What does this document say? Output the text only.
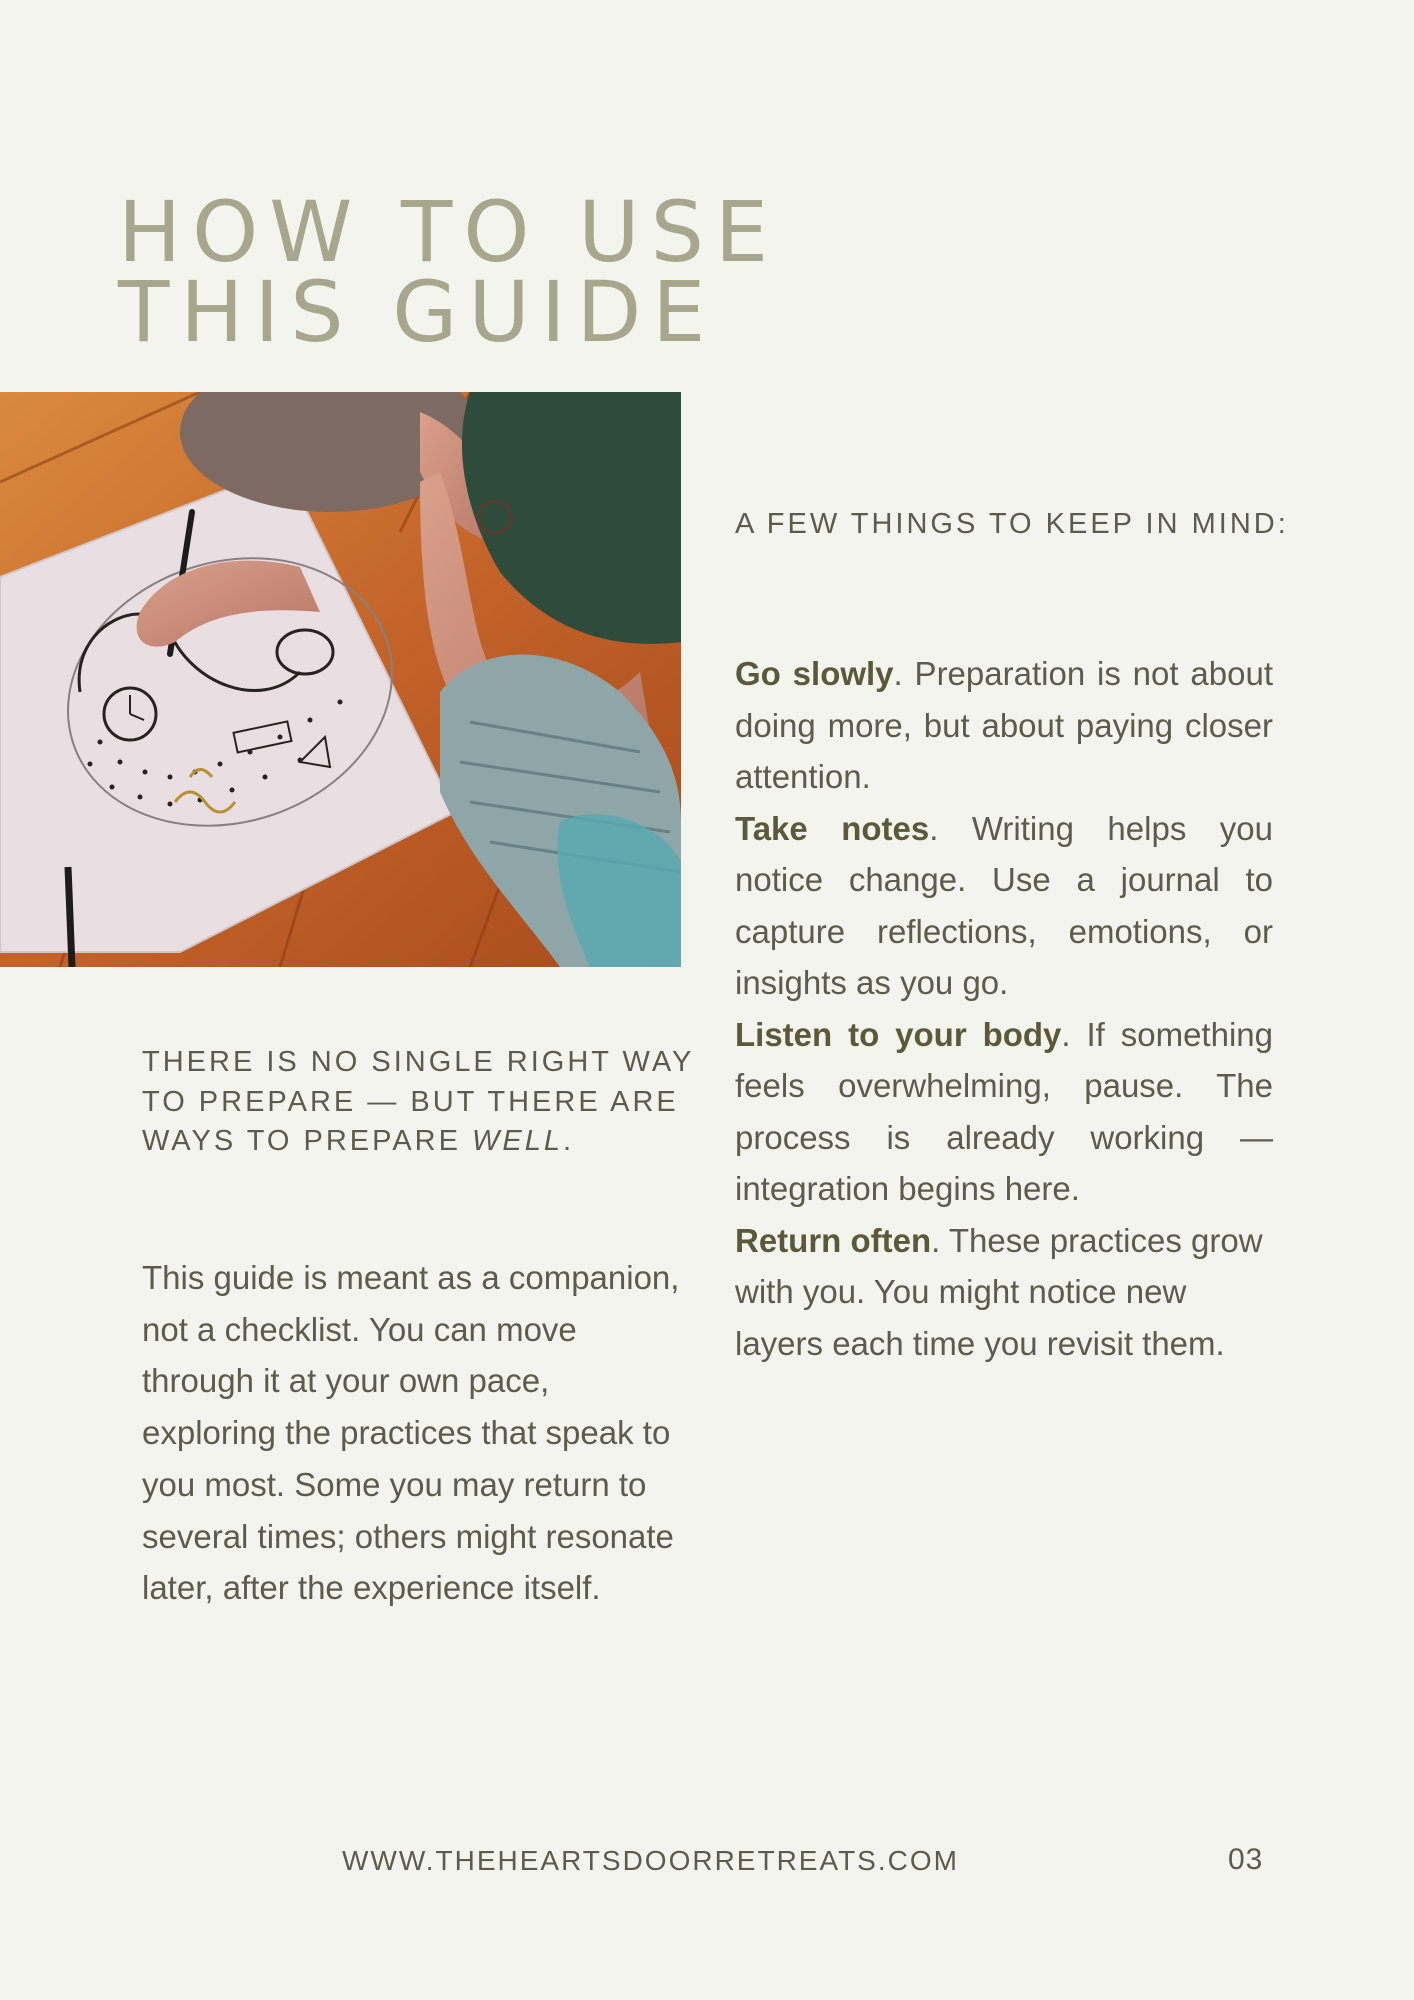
HOW TO USE
THIS GUIDE
A FEW THINGS TO KEEP IN MIND:

Go slowly. Preparation is not about doing more, but about paying closer attention.

Take notes. Writing helps you notice change. Use a journal to capture reflections, emotions, or insights as you go.

Listen to your body. If something feels overwhelming, pause. The process is already working — integration begins here.

Return often. These practices grow with you. You might notice new layers each time you revisit them.

THERE IS NO SINGLE RIGHT WAY TO PREPARE — BUT THERE ARE WAYS TO PREPARE WELL.

This guide is meant as a companion, not a checklist. You can move through it at your own pace, exploring the practices that speak to you most. Some you may return to several times; others might resonate later, after the experience itself.

WWW.THEHEARTSDOORRETREATS.COM	03
